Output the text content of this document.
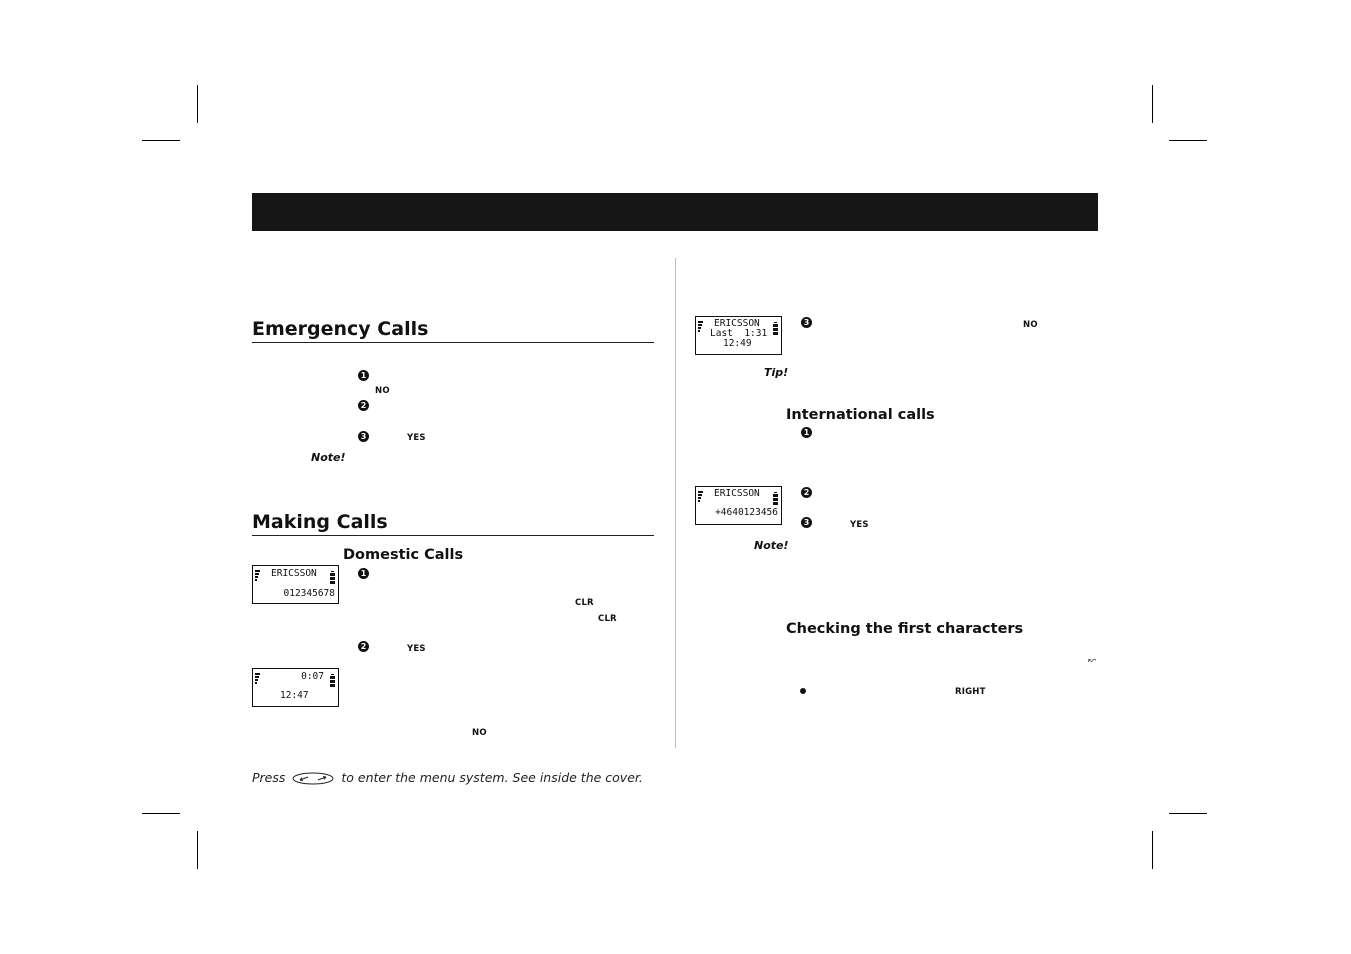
Emergency Calls
1
NO
2
3	YES
Note!
Making Calls
Domestic Calls
ERICSSON
012345678
1
CLR
CLR
2	YES
0:07
12:47
NO
ERICSSON
Last  1:31
12:49
3	NO
Tip!
International calls
1
ERICSSON
+4640123456
2
3	YES
Note!
Checking the first characters
↜
RIGHT
Press	to enter the menu system. See inside the cover.
